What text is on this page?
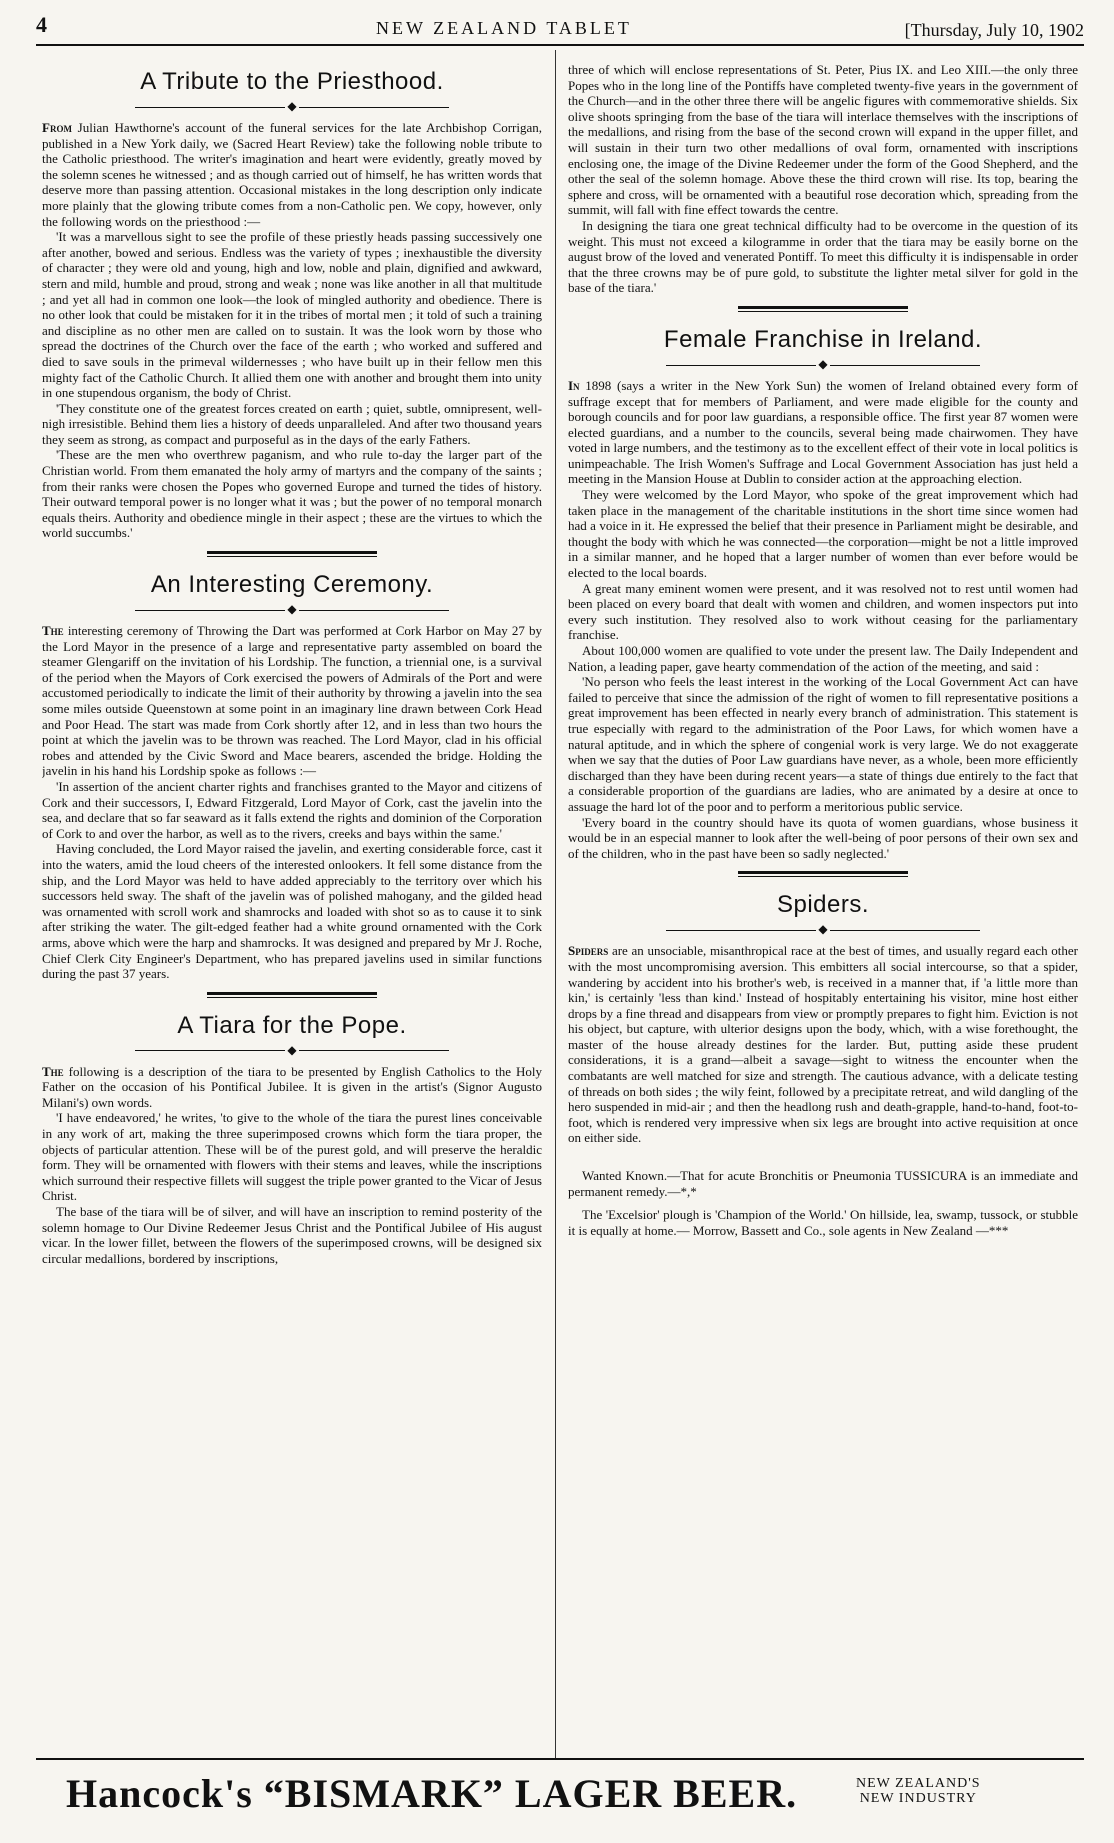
4	NEW ZEALAND TABLET	[Thursday, July 10, 1902
A Tribute to the Priesthood.
◆

From Julian Hawthorne's account of the funeral services for the late Archbishop Corrigan, published in a New York daily, we (Sacred Heart Review) take the following noble tribute to the Catholic priesthood. The writer's imagination and heart were evidently, greatly moved by the solemn scenes he witnessed ; and as though carried out of himself, he has written words that deserve more than passing attention. Occasional mistakes in the long description only indicate more plainly that the glowing tribute comes from a non-Catholic pen. We copy, however, only the following words on the priesthood :—

'It was a marvellous sight to see the profile of these priestly heads passing successively one after another, bowed and serious. Endless was the variety of types ; inexhaustible the diversity of character ; they were old and young, high and low, noble and plain, dignified and awkward, stern and mild, humble and proud, strong and weak ; none was like another in all that multitude ; and yet all had in common one look—the look of mingled authority and obedience. There is no other look that could be mistaken for it in the tribes of mortal men ; it told of such a training and discipline as no other men are called on to sustain. It was the look worn by those who spread the doctrines of the Church over the face of the earth ; who worked and suffered and died to save souls in the primeval wildernesses ; who have built up in their fellow men this mighty fact of the Catholic Church. It allied them one with another and brought them into unity in one stupendous organism, the body of Christ.

'They constitute one of the greatest forces created on earth ; quiet, subtle, omnipresent, well-nigh irresistible. Behind them lies a history of deeds unparalleled. And after two thousand years they seem as strong, as compact and purposeful as in the days of the early Fathers.

'These are the men who overthrew paganism, and who rule to-day the larger part of the Christian world. From them emanated the holy army of martyrs and the company of the saints ; from their ranks were chosen the Popes who governed Europe and turned the tides of history. Their outward temporal power is no longer what it was ; but the power of no temporal monarch equals theirs. Authority and obedience mingle in their aspect ; these are the virtues to which the world succumbs.'

An Interesting Ceremony.
◆

The interesting ceremony of Throwing the Dart was performed at Cork Harbor on May 27 by the Lord Mayor in the presence of a large and representative party assembled on board the steamer Glengariff on the invitation of his Lordship. The function, a triennial one, is a survival of the period when the Mayors of Cork exercised the powers of Admirals of the Port and were accustomed periodically to indicate the limit of their authority by throwing a javelin into the sea some miles outside Queenstown at some point in an imaginary line drawn between Cork Head and Poor Head. The start was made from Cork shortly after 12, and in less than two hours the point at which the javelin was to be thrown was reached. The Lord Mayor, clad in his official robes and attended by the Civic Sword and Mace bearers, ascended the bridge. Holding the javelin in his hand his Lordship spoke as follows :—

'In assertion of the ancient charter rights and franchises granted to the Mayor and citizens of Cork and their successors, I, Edward Fitzgerald, Lord Mayor of Cork, cast the javelin into the sea, and declare that so far seaward as it falls extend the rights and dominion of the Corporation of Cork to and over the harbor, as well as to the rivers, creeks and bays within the same.'

Having concluded, the Lord Mayor raised the javelin, and exerting considerable force, cast it into the waters, amid the loud cheers of the interested onlookers. It fell some distance from the ship, and the Lord Mayor was held to have added appreciably to the territory over which his successors held sway. The shaft of the javelin was of polished mahogany, and the gilded head was ornamented with scroll work and shamrocks and loaded with shot so as to cause it to sink after striking the water. The gilt-edged feather had a white ground ornamented with the Cork arms, above which were the harp and shamrocks. It was designed and prepared by Mr J. Roche, Chief Clerk City Engineer's Department, who has prepared javelins used in similar functions during the past 37 years.

A Tiara for the Pope.
◆

The following is a description of the tiara to be presented by English Catholics to the Holy Father on the occasion of his Pontifical Jubilee. It is given in the artist's (Signor Augusto Milani's) own words.

'I have endeavored,' he writes, 'to give to the whole of the tiara the purest lines conceivable in any work of art, making the three superimposed crowns which form the tiara proper, the objects of particular attention. These will be of the purest gold, and will preserve the heraldic form. They will be ornamented with flowers with their stems and leaves, while the inscriptions which surround their respective fillets will suggest the triple power granted to the Vicar of Jesus Christ.

The base of the tiara will be of silver, and will have an inscription to remind posterity of the solemn homage to Our Divine Redeemer Jesus Christ and the Pontifical Jubilee of His august vicar. In the lower fillet, between the flowers of the superimposed crowns, will be designed six circular medallions, bordered by inscriptions,

three of which will enclose representations of St. Peter, Pius IX. and Leo XIII.—the only three Popes who in the long line of the Pontiffs have completed twenty-five years in the government of the Church—and in the other three there will be angelic figures with commemorative shields. Six olive shoots springing from the base of the tiara will interlace themselves with the inscriptions of the medallions, and rising from the base of the second crown will expand in the upper fillet, and will sustain in their turn two other medallions of oval form, ornamented with inscriptions enclosing one, the image of the Divine Redeemer under the form of the Good Shepherd, and the other the seal of the solemn homage. Above these the third crown will rise. Its top, bearing the sphere and cross, will be ornamented with a beautiful rose decoration which, spreading from the summit, will fall with fine effect towards the centre.

In designing the tiara one great technical difficulty had to be overcome in the question of its weight. This must not exceed a kilogramme in order that the tiara may be easily borne on the august brow of the loved and venerated Pontiff. To meet this difficulty it is indispensable in order that the three crowns may be of pure gold, to substitute the lighter metal silver for gold in the base of the tiara.'

Female Franchise in Ireland.
◆

In 1898 (says a writer in the New York Sun) the women of Ireland obtained every form of suffrage except that for members of Parliament, and were made eligible for the county and borough councils and for poor law guardians, a responsible office. The first year 87 women were elected guardians, and a number to the councils, several being made chairwomen. They have voted in large numbers, and the testimony as to the excellent effect of their vote in local politics is unimpeachable. The Irish Women's Suffrage and Local Government Association has just held a meeting in the Mansion House at Dublin to consider action at the approaching election.

They were welcomed by the Lord Mayor, who spoke of the great improvement which had taken place in the management of the charitable institutions in the short time since women had had a voice in it. He expressed the belief that their presence in Parliament might be desirable, and thought the body with which he was connected—the corporation—might be not a little improved in a similar manner, and he hoped that a larger number of women than ever before would be elected to the local boards.

A great many eminent women were present, and it was resolved not to rest until women had been placed on every board that dealt with women and children, and women inspectors put into every such institution. They resolved also to work without ceasing for the parliamentary franchise.

About 100,000 women are qualified to vote under the present law. The Daily Independent and Nation, a leading paper, gave hearty commendation of the action of the meeting, and said :

'No person who feels the least interest in the working of the Local Government Act can have failed to perceive that since the admission of the right of women to fill representative positions a great improvement has been effected in nearly every branch of administration. This statement is true especially with regard to the administration of the Poor Laws, for which women have a natural aptitude, and in which the sphere of congenial work is very large. We do not exaggerate when we say that the duties of Poor Law guardians have never, as a whole, been more efficiently discharged than they have been during recent years—a state of things due entirely to the fact that a considerable proportion of the guardians are ladies, who are animated by a desire at once to assuage the hard lot of the poor and to perform a meritorious public service.

'Every board in the country should have its quota of women guardians, whose business it would be in an especial manner to look after the well-being of poor persons of their own sex and of the children, who in the past have been so sadly neglected.'

Spiders.
◆

Spiders are an unsociable, misanthropical race at the best of times, and usually regard each other with the most uncompromising aversion. This embitters all social intercourse, so that a spider, wandering by accident into his brother's web, is received in a manner that, if 'a little more than kin,' is certainly 'less than kind.' Instead of hospitably entertaining his visitor, mine host either drops by a fine thread and disappears from view or promptly prepares to fight him. Eviction is not his object, but capture, with ulterior designs upon the body, which, with a wise forethought, the master of the house already destines for the larder. But, putting aside these prudent considerations, it is a grand—albeit a savage—sight to witness the encounter when the combatants are well matched for size and strength. The cautious advance, with a delicate testing of threads on both sides ; the wily feint, followed by a precipitate retreat, and wild dangling of the hero suspended in mid-air ; and then the headlong rush and death-grapple, hand-to-hand, foot-to-foot, which is rendered very impressive when six legs are brought into active requisition at once on either side.

Wanted Known.—That for acute Bronchitis or Pneumonia TUSSICURA is an immediate and permanent remedy.—*,*

The 'Excelsior' plough is 'Champion of the World.' On hillside, lea, swamp, tussock, or stubble it is equally at home.— Morrow, Bassett and Co., sole agents in New Zealand —***

Hancock's “BISMARK” LAGER BEER.	NEW ZEALAND'S
NEW INDUSTRY
